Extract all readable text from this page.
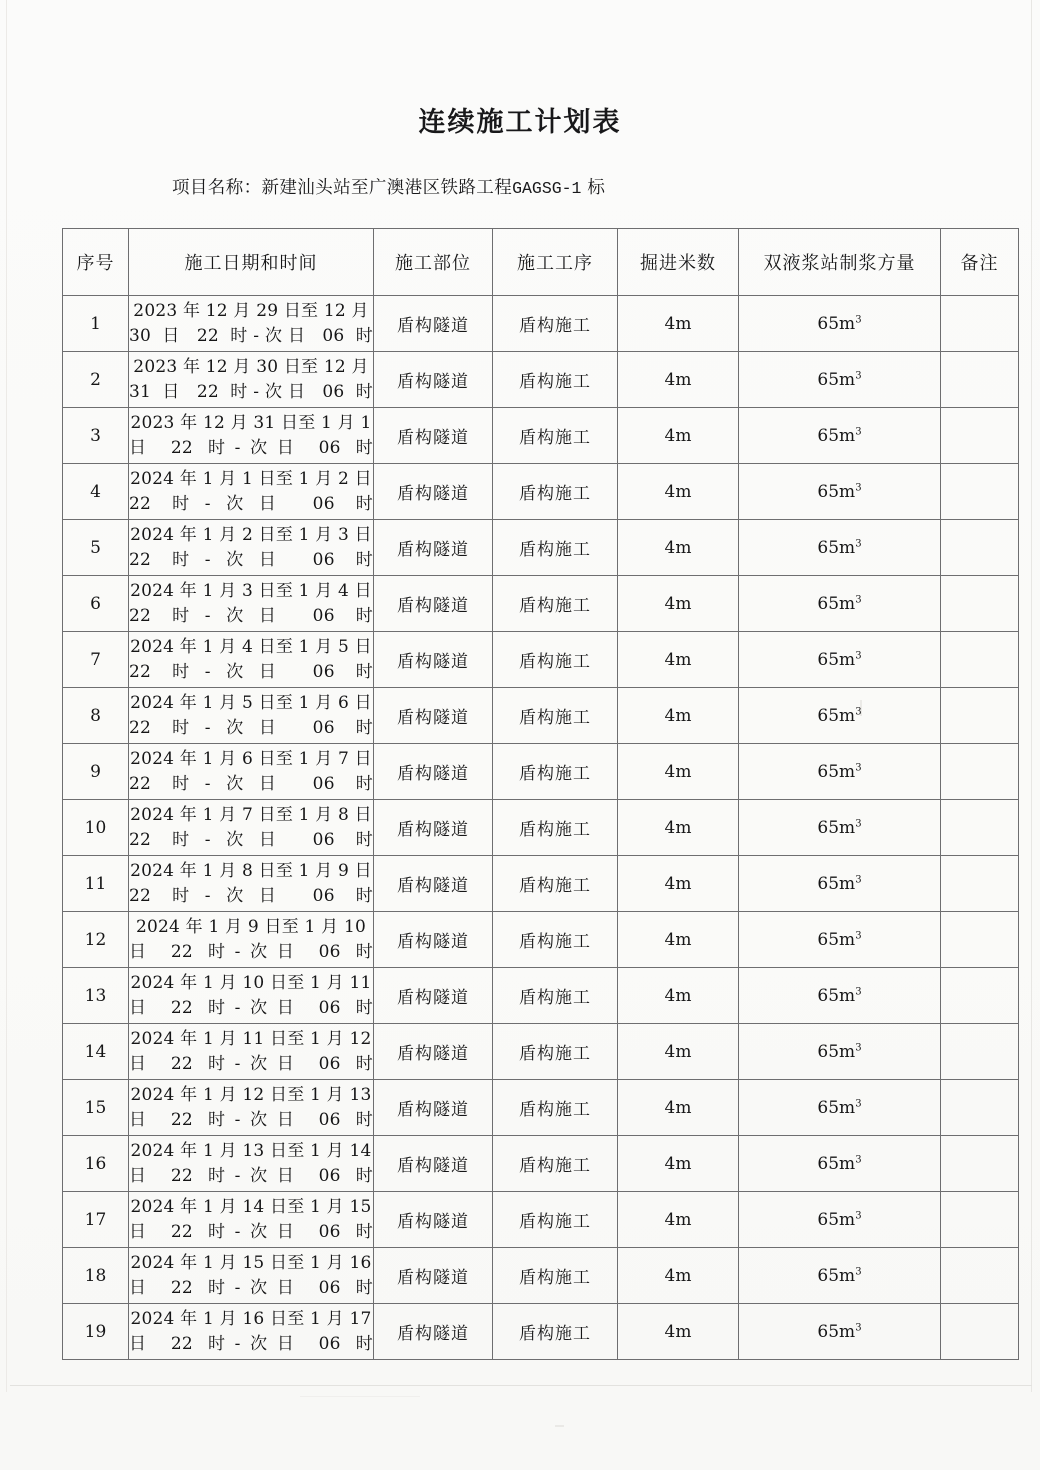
连续施工计划表
项目名称：新建汕头站至广澳港区铁路工程GAGSG-1 标
序号	施工日期和时间	施工部位	施工工序	掘进米数	双液浆站制浆方量	备注
1	2023 年 12 月 29 日至 12 月 30 日 22 时-次日 06 时	盾构隧道	盾构施工	4m	$65m^3$	
2	2023 年 12 月 30 日至 12 月 31 日 22 时-次日 06 时	盾构隧道	盾构施工	4m	$65m^3$	
3	2023 年 12 月 31 日至 1 月 1 日 22 时-次日 06 时	盾构隧道	盾构施工	4m	$65m^3$	
4	2024 年 1 月 1 日至 1 月 2 日 22 时-次日 06 时	盾构隧道	盾构施工	4m	$65m^3$	
5	2024 年 1 月 2 日至 1 月 3 日 22 时-次日 06 时	盾构隧道	盾构施工	4m	$65m^3$	
6	2024 年 1 月 3 日至 1 月 4 日 22 时-次日 06 时	盾构隧道	盾构施工	4m	$65m^3$	
7	2024 年 1 月 4 日至 1 月 5 日 22 时-次日 06 时	盾构隧道	盾构施工	4m	$65m^3$	
8	2024 年 1 月 5 日至 1 月 6 日 22 时-次日 06 时	盾构隧道	盾构施工	4m	$65m^3$	
9	2024 年 1 月 6 日至 1 月 7 日 22 时-次日 06 时	盾构隧道	盾构施工	4m	$65m^3$	
10	2024 年 1 月 7 日至 1 月 8 日 22 时-次日 06 时	盾构隧道	盾构施工	4m	$65m^3$	
11	2024 年 1 月 8 日至 1 月 9 日 22 时-次日 06 时	盾构隧道	盾构施工	4m	$65m^3$	
12	2024 年 1 月 9 日至 1 月 10 日 22 时-次日 06 时	盾构隧道	盾构施工	4m	$65m^3$	
13	2024 年 1 月 10 日至 1 月 11 日 22 时-次日 06 时	盾构隧道	盾构施工	4m	$65m^3$	
14	2024 年 1 月 11 日至 1 月 12 日 22 时-次日 06 时	盾构隧道	盾构施工	4m	$65m^3$	
15	2024 年 1 月 12 日至 1 月 13 日 22 时-次日 06 时	盾构隧道	盾构施工	4m	$65m^3$	
16	2024 年 1 月 13 日至 1 月 14 日 22 时-次日 06 时	盾构隧道	盾构施工	4m	$65m^3$	
17	2024 年 1 月 14 日至 1 月 15 日 22 时-次日 06 时	盾构隧道	盾构施工	4m	$65m^3$	
18	2024 年 1 月 15 日至 1 月 16 日 22 时-次日 06 时	盾构隧道	盾构施工	4m	$65m^3$	
19	2024 年 1 月 16 日至 1 月 17 日 22 时-次日 06 时	盾构隧道	盾构施工	4m	$65m^3$	
